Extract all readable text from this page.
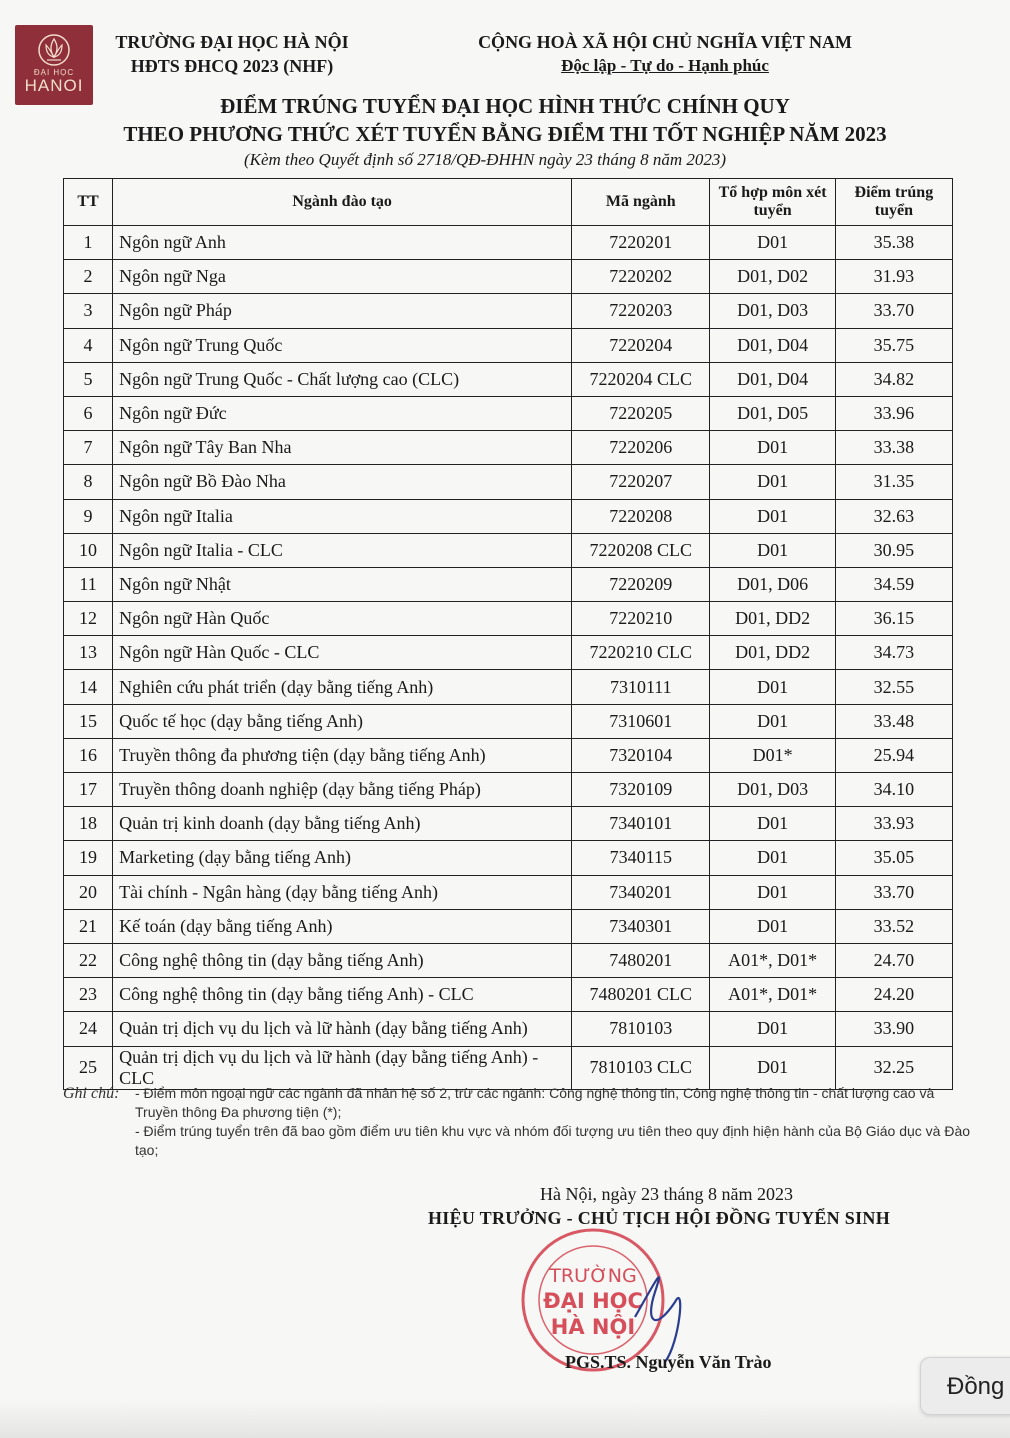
ĐẠI HỌC
HANOI
TRƯỜNG ĐẠI HỌC HÀ NỘI
HĐTS ĐHCQ 2023 (NHF)
CỘNG HOÀ XÃ HỘI CHỦ NGHĨA VIỆT NAM
Độc lập - Tự do - Hạnh phúc
ĐIỂM TRÚNG TUYỂN ĐẠI HỌC HÌNH THỨC CHÍNH QUY
THEO PHƯƠNG THỨC XÉT TUYỂN BẰNG ĐIỂM THI TỐT NGHIỆP NĂM 2023
(Kèm theo Quyết định số 2718/QĐ-ĐHHN ngày 23 tháng 8 năm 2023)
TT	Ngành đào tạo	Mã ngành	Tổ hợp môn xét tuyển	Điểm trúng tuyển
1	Ngôn ngữ Anh	7220201	D01	35.38
2	Ngôn ngữ Nga	7220202	D01, D02	31.93
3	Ngôn ngữ Pháp	7220203	D01, D03	33.70
4	Ngôn ngữ Trung Quốc	7220204	D01, D04	35.75
5	Ngôn ngữ Trung Quốc - Chất lượng cao (CLC)	7220204 CLC	D01, D04	34.82
6	Ngôn ngữ Đức	7220205	D01, D05	33.96
7	Ngôn ngữ Tây Ban Nha	7220206	D01	33.38
8	Ngôn ngữ Bồ Đào Nha	7220207	D01	31.35
9	Ngôn ngữ Italia	7220208	D01	32.63
10	Ngôn ngữ Italia - CLC	7220208 CLC	D01	30.95
11	Ngôn ngữ Nhật	7220209	D01, D06	34.59
12	Ngôn ngữ Hàn Quốc	7220210	D01, DD2	36.15
13	Ngôn ngữ Hàn Quốc - CLC	7220210 CLC	D01, DD2	34.73
14	Nghiên cứu phát triển (dạy bằng tiếng Anh)	7310111	D01	32.55
15	Quốc tế học (dạy bằng tiếng Anh)	7310601	D01	33.48
16	Truyền thông đa phương tiện (dạy bằng tiếng Anh)	7320104	D01*	25.94
17	Truyền thông doanh nghiệp (dạy bằng tiếng Pháp)	7320109	D01, D03	34.10
18	Quản trị kinh doanh (dạy bằng tiếng Anh)	7340101	D01	33.93
19	Marketing (dạy bằng tiếng Anh)	7340115	D01	35.05
20	Tài chính - Ngân hàng (dạy bằng tiếng Anh)	7340201	D01	33.70
21	Kế toán (dạy bằng tiếng Anh)	7340301	D01	33.52
22	Công nghệ thông tin (dạy bằng tiếng Anh)	7480201	A01*, D01*	24.70
23	Công nghệ thông tin (dạy bằng tiếng Anh) - CLC	7480201 CLC	A01*, D01*	24.20
24	Quản trị dịch vụ du lịch và lữ hành (dạy bằng tiếng Anh)	7810103	D01	33.90
25	Quản trị dịch vụ du lịch và lữ hành (dạy bằng tiếng Anh) - CLC	7810103 CLC	D01	32.25
Ghi chú: - Điểm môn ngoại ngữ các ngành đã nhân hệ số 2, trừ các ngành: Công nghệ thông tin, Công nghệ thông tin - chất lượng cao và Truyền thông Đa phương tiện (*);
- Điểm trúng tuyển trên đã bao gồm điểm ưu tiên khu vực và nhóm đối tượng ưu tiên theo quy định hiện hành của Bộ Giáo dục và Đào tạo;
Hà Nội, ngày 23 tháng 8 năm 2023
HIỆU TRƯỞNG - CHỦ TỊCH HỘI ĐỒNG TUYỂN SINH
TRƯỜNG
ĐẠI HỌC
HÀ NỘI
PGS.TS. Nguyễn Văn Trào
Đồng
